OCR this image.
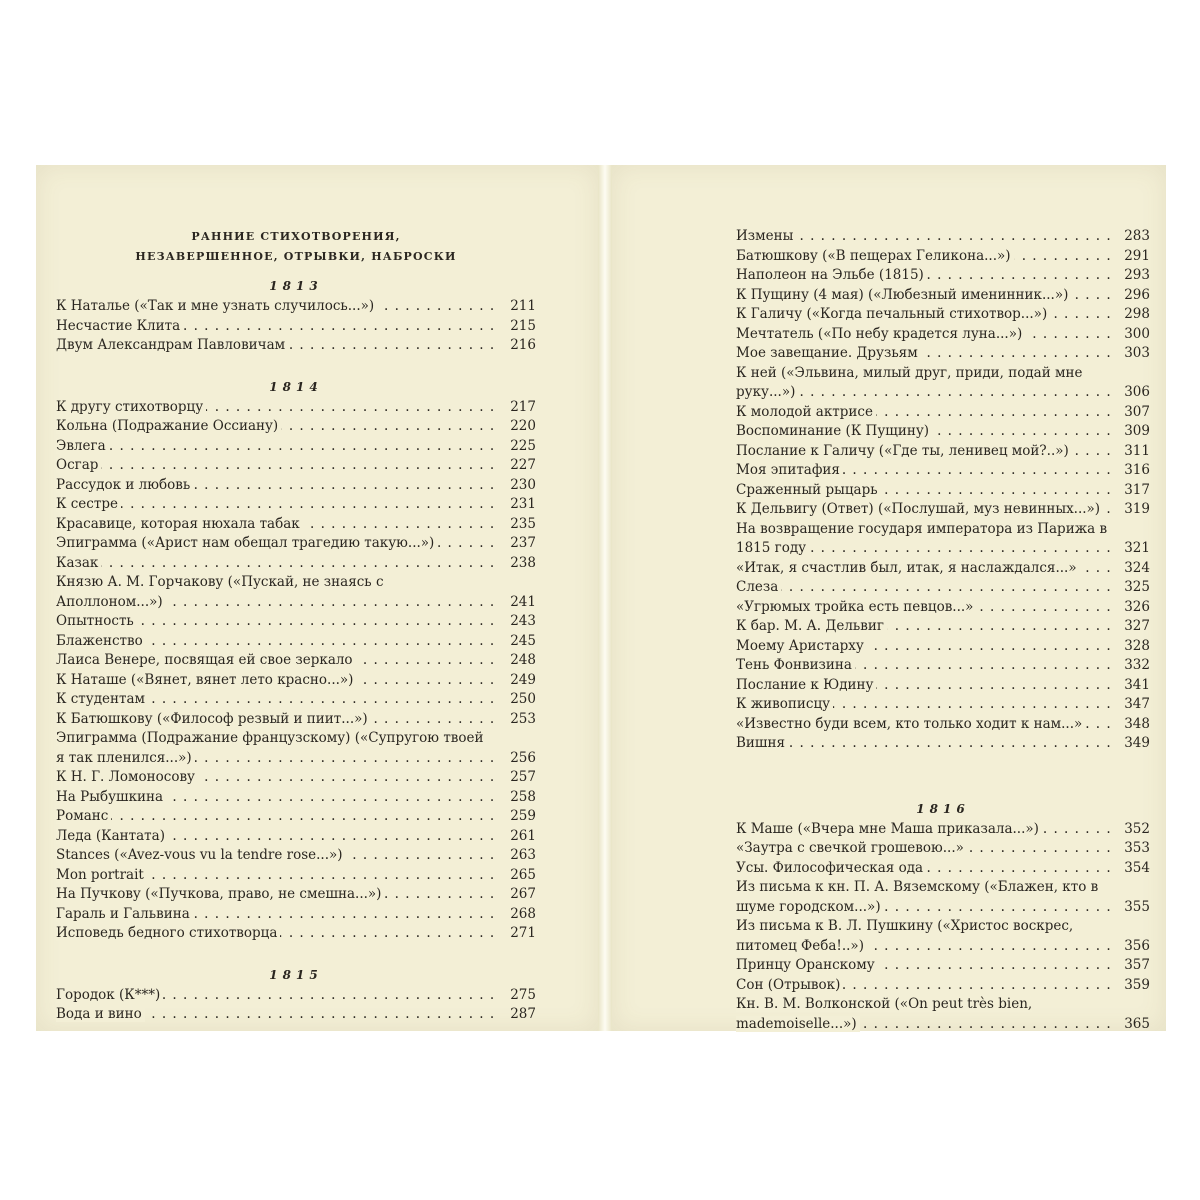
РАННИЕ СТИХОТВОРЕНИЯ,
НЕЗАВЕРШЕННОЕ, ОТРЫВКИ, НАБРОСКИ
1813
К Наталье («Так и мне узнать случилось...») . . .	211
Несчастие Клита . . .	215
Двум Александрам Павловичам . . .	216
1814
К другу стихотворцу . . .	217
Кольна (Подражание Оссиану) . . .	220
Эвлега . . .	225
Осгар . . .	227
Рассудок и любовь . . .	230
К сестре . . .	231
Красавице, которая нюхала табак . . .	235
Эпиграмма («Арист нам обещал трагедию такую...») . . .	237
Казак . . .	238
Князю А. М. Горчакову («Пускай, не знаясь с Аполлоном...») . . .	241
Опытность . . .	243
Блаженство . . .	245
Лаиса Венере, посвящая ей свое зеркало . . .	248
К Наташе («Вянет, вянет лето красно...») . . .	249
К студентам . . .	250
К Батюшкову («Философ резвый и пиит...») . . .	253
Эпиграмма (Подражание французскому) («Супругою твоей я так пленился...») . . .	256
К Н. Г. Ломоносову . . .	257
На Рыбушкина . . .	258
Романс . . .	259
Леда (Кантата) . . .	261
Stances («Avez-vous vu la tendre rose...») . . .	263
Mon portrait . . .	265
На Пучкову («Пучкова, право, не смешна...») . . .	267
Гараль и Гальвина . . .	268
Исповедь бедного стихотворца . . .	271
1815
Городок (К***) . . .	275
Вода и вино . . .	287
Измены . . .	283
Батюшкову («В пещерах Геликона...») . . .	291
Наполеон на Эльбе (1815) . . .	293
К Пущину (4 мая) («Любезный именинник...») . . .	296
К Галичу («Когда печальный стихотвор...») . . .	298
Мечтатель («По небу крадется луна...») . . .	300
Мое завещание. Друзьям . . .	303
К ней («Эльвина, милый друг, приди, подай мне руку...») . . .	306
К молодой актрисе . . .	307
Воспоминание (К Пущину) . . .	309
Послание к Галичу («Где ты, ленивец мой?..») . . .	311
Моя эпитафия . . .	316
Сраженный рыцарь . . .	317
К Дельвигу (Ответ) («Послушай, муз невинных...») . . .	319
На возвращение государя императора из Парижа в 1815 году . . .	321
«Итак, я счастлив был, итак, я наслаждался...» . . .	324
Слеза . . .	325
«Угрюмых тройка есть певцов...» . . .	326
К бар. М. А. Дельвиг . . .	327
Моему Аристарху . . .	328
Тень Фонвизина . . .	332
Послание к Юдину . . .	341
К живописцу . . .	347
«Известно буди всем, кто только ходит к нам...» . . .	348
Вишня . . .	349
1816
К Маше («Вчера мне Маша приказала...») . . .	352
«Заутра с свечкой грошевою...» . . .	353
Усы. Философическая ода . . .	354
Из письма к кн. П. А. Вяземскому («Блажен, кто в шуме городском...») . . .	355
Из письма к В. Л. Пушкину («Христос воскрес, питомец Феба!..») . . .	356
Принцу Оранскому . . .	357
Сон (Отрывок) . . .	359
Кн. В. М. Волконской («On peut très bien, mademoiselle...») . . .	365
